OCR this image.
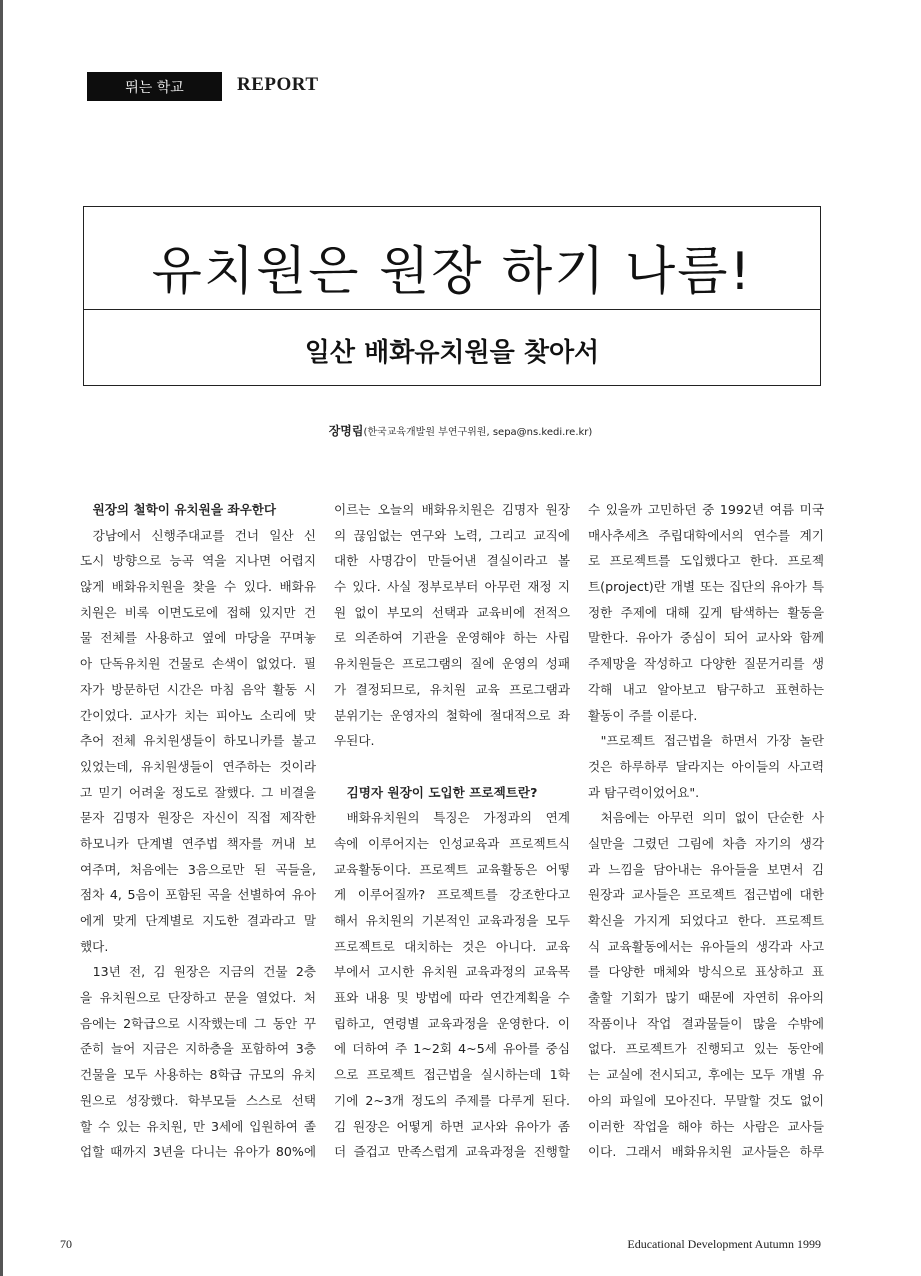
뛰는 학교	REPORT
유치원은 원장 하기 나름!
일산 배화유치원을 찾아서
장명림(한국교육개발원 부연구위원, sepa@ns.kedi.re.kr)
 원장의 철학이 유치원을 좌우한다
 강남에서 신행주대교를 건너 일산 신
도시 방향으로 능곡 역을 지나면 어렵지
않게 배화유치원을 찾을 수 있다. 배화유
치원은 비록 이면도로에 접해 있지만 건
물 전체를 사용하고 옆에 마당을 꾸며놓
아 단독유치원 건물로 손색이 없었다. 필
자가 방문하던 시간은 마침 음악 활동 시
간이었다. 교사가 치는 피아노 소리에 맞
추어 전체 유치원생들이 하모니카를 불고
있었는데, 유치원생들이 연주하는 것이라
고 믿기 어려울 정도로 잘했다. 그 비결을
묻자 김명자 원장은 자신이 직접 제작한
하모니카 단계별 연주법 책자를 꺼내 보
여주며, 처음에는 3음으로만 된 곡들을,
점차 4, 5음이 포함된 곡을 선별하여 유아
에게 맞게 단계별로 지도한 결과라고 말
했다.
 13년 전, 김 원장은 지금의 건물 2층
을 유치원으로 단장하고 문을 열었다. 처
음에는 2학급으로 시작했는데 그 동안 꾸
준히 늘어 지금은 지하층을 포함하여 3층
건물을 모두 사용하는 8학급 규모의 유치
원으로 성장했다. 학부모들 스스로 선택
할 수 있는 유치원, 만 3세에 입원하여 졸
업할 때까지 3년을 다니는 유아가 80%에
이르는 오늘의 배화유치원은 김명자 원장
의 끊임없는 연구와 노력, 그리고 교직에
대한 사명감이 만들어낸 결실이라고 볼
수 있다. 사실 정부로부터 아무런 재정 지
원 없이 부모의 선택과 교육비에 전적으
로 의존하여 기관을 운영해야 하는 사립
유치원들은 프로그램의 질에 운영의 성패
가 결정되므로, 유치원 교육 프로그램과
분위기는 운영자의 철학에 절대적으로 좌
우된다.
 김명자 원장이 도입한 프로젝트란?
 배화유치원의 특징은 가정과의 연계
속에 이루어지는 인성교육과 프로젝트식
교육활동이다. 프로젝트 교육활동은 어떻
게 이루어질까? 프로젝트를 강조한다고
해서 유치원의 기본적인 교육과정을 모두
프로젝트로 대치하는 것은 아니다. 교육
부에서 고시한 유치원 교육과정의 교육목
표와 내용 및 방법에 따라 연간계획을 수
립하고, 연령별 교육과정을 운영한다. 이
에 더하여 주 1~2회 4~5세 유아를 중심
으로 프로젝트 접근법을 실시하는데 1학
기에 2~3개 정도의 주제를 다루게 된다.
김 원장은 어떻게 하면 교사와 유아가 좀
더 즐겁고 만족스럽게 교육과정을 진행할
수 있을까 고민하던 중 1992년 여름 미국
매사추세츠 주립대학에서의 연수를 계기
로 프로젝트를 도입했다고 한다. 프로젝
트(project)란 개별 또는 집단의 유아가 특
정한 주제에 대해 깊게 탐색하는 활동을
말한다. 유아가 중심이 되어 교사와 함께
주제망을 작성하고 다양한 질문거리를 생
각해 내고 알아보고 탐구하고 표현하는
활동이 주를 이룬다.
 "프로젝트 접근법을 하면서 가장 놀란
것은 하루하루 달라지는 아이들의 사고력
과 탐구력이었어요".
 처음에는 아무런 의미 없이 단순한 사
실만을 그렸던 그림에 차츰 자기의 생각
과 느낌을 담아내는 유아들을 보면서 김
원장과 교사들은 프로젝트 접근법에 대한
확신을 가지게 되었다고 한다. 프로젝트
식 교육활동에서는 유아들의 생각과 사고
를 다양한 매체와 방식으로 표상하고 표
출할 기회가 많기 때문에 자연히 유아의
작품이나 작업 결과물들이 많을 수밖에
없다. 프로젝트가 진행되고 있는 동안에
는 교실에 전시되고, 후에는 모두 개별 유
아의 파일에 모아진다. 무말할 것도 없이
이러한 작업을 해야 하는 사람은 교사들
이다. 그래서 배화유치원 교사들은 하루
70	Educational Development Autumn 1999
